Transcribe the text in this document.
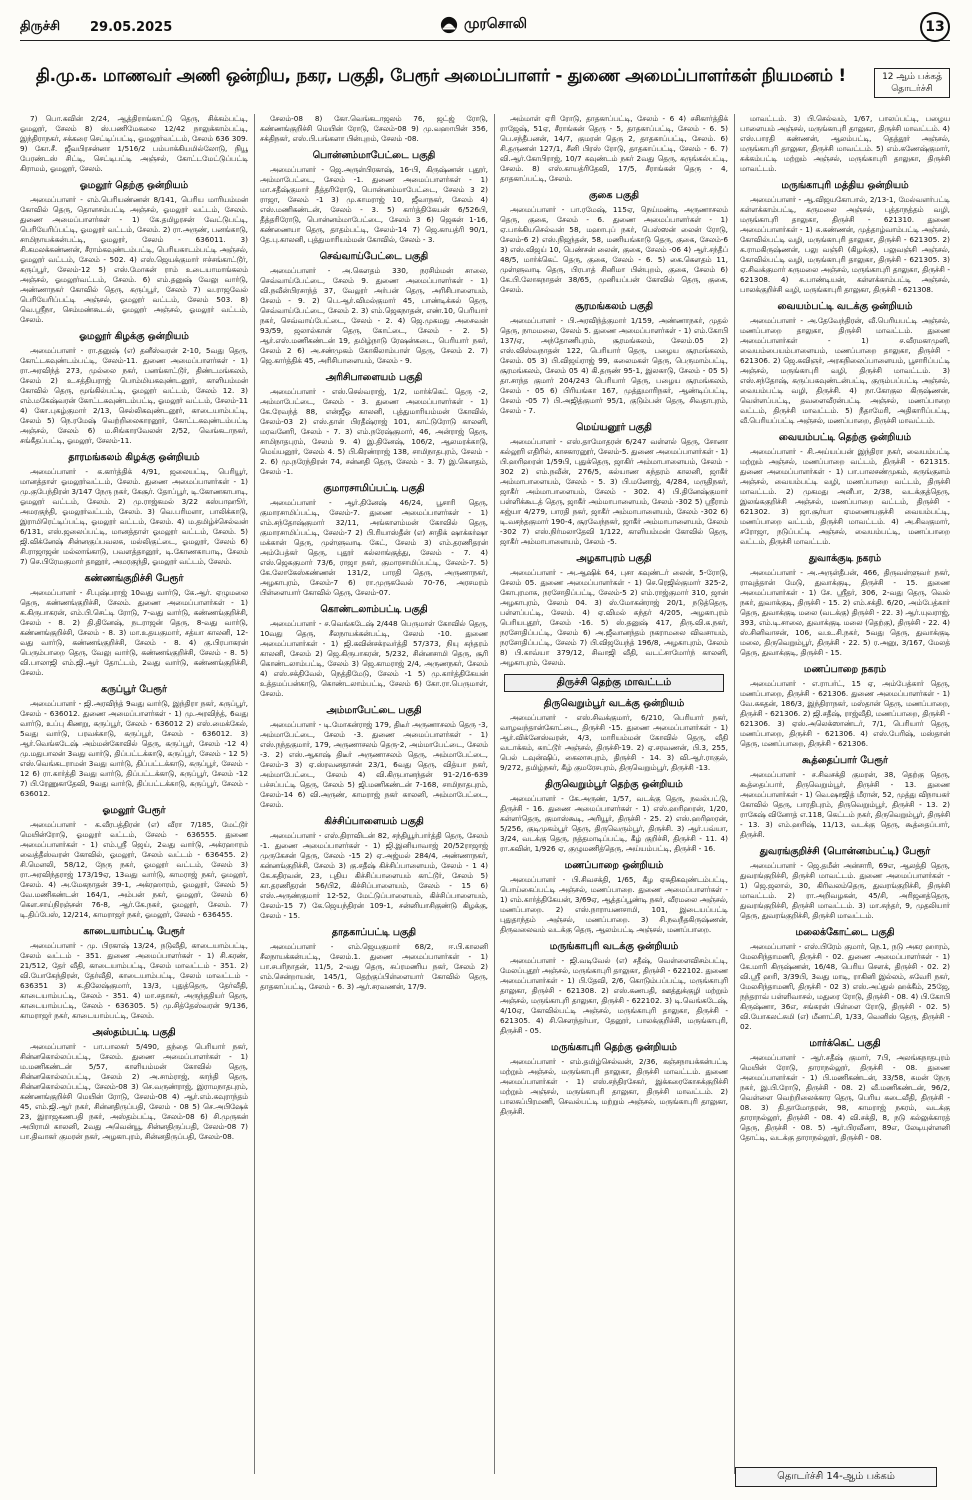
திருச்சி	29.05.2025	முரசொலி	13
தி.மு.க. மாணவர் அணி ஒன்றிய, நகர, பகுதி, பேரூர் அமைப்பாளர் - துணை அமைப்பாளர்கள் நியமனம் !	12 ஆம் பக்கத்
தொடர்ச்சி
7) பொ.கவின் 2/24, ஆத்திராங்காட்டு தெரு, சிக்கம்பட்டி, ஓமலூர், சேலம் 8) ஸ்.பணிமேகலை 12/42 நாலுக்காம்பட்டி, இந்திராநகர், சக்கரை செட்டிப்பட்டி, ஓமலூர்வட்டம், சேலம் 636 309. 9) கோ.சீ. ஜீவபிரசன்னா 1/516/2 பம்பாக்கியமில்லோடு, நியூ பேரண்டஸ் சிட்டி, செட்டிபட்டி அஞ்சல், கோட்டமேட்டுப்பட்டி கிராமம், ஓமலூர், சேலம்.
ஓமலூர் தெற்கு ஒன்றியம்
அமைப்பாளர் - எம்.பெரியண்ணன் 8/141, பெரிய மாரியம்மன் கோவில் தெரு, தொளசம்பட்டி அஞ்சல், ஓமலூர் வட்டம், சேலம். துணை அமைப்பாளர்கள் - 1) கே.தமிழரசன் வேட்டுபட்டி, பெரியேரிப்பட்டி, ஓமலூர் வட்டம், சேலம். 2) ரா.அருண், பனங்காடு, சாமிநாயக்கன்பட்டி, ஓமலூர், சேலம் - 636011. 3) சி.கமலக்கண்ணன், சீராம்கவுண்டம்பட்டி, பெரியகாடம்பட்டி அஞ்சல், ஓமலூர் வட்டம், சேலம் - 502. 4) எஸ்.ஜெயக்குமார் ஈச்சங்காட்டூர், கருப்பூர், சேலம்-12 5) எஸ்.மோகன் ராம் உடையாமாங்கலம் அஞ்சல், ஓமலூர்வட்டம், சேலம். 6) எம்.தனுஷ் வேலு வார்டு, அண்ணாநகர் கோவில் தெரு, கருப்பூர், சேலம் 7) வ.ராஜவேல் பெரியேரிப்பட்டி அஞ்சல், ஓமலூர் வட்டம், சேலம் 503. 8) வெ.ஸ்ரீநா, செம்மண்கூடல், ஓமலூர் அஞ்சல், ஓமலூர் வட்டம், சேலம்.
ஓமலூர் கிழக்கு ஒன்றியம்
அமைப்பாளர் - ரா.தனுஷ் (எ) தனீஸ்வரன் 2-10, 5வது தெரு, கோட்டகவுண்டம்பட்டி, சேலம்-11. துணை அமைப்பாளர்கள் - 1) ரா.அரவிந்த் 273, முல்லை நகர், பனங்காட்டூர், திண்டமங்கலம், சேலம் 2) உ.சத்தியராஜ் பொம்மியகவுண்டனூர், காளியம்மன் கோவில் தெரு, மூங்கில்பட்டி, ஓமலூர் வட்டம், சேலம் 12. 3) எம்.மகேஷ்வரன் கோட்டகவுண்டம்பட்டி, ஓமலூர் வட்டம், சேலம்-11 4) கோ.புகழ்குமார் 2/13, செல்லிகவுண்டனூர், காடையாம்பட்டி, சேலம் 5) நெ.ரமேஷ் வெற்றிலைகாரனூர், கோட்டகவுண்டம்பட்டி அஞ்சல், சேலம் 6) ம.சிங்காரவேலன் 2/52, வெங்கடாநகர், சங்கீதப்பட்டி, ஓமலூர், சேலம்-11.
தாரமங்கலம் கிழக்கு ஒன்றியம்
அமைப்பாளர் - க.கார்த்திக் 4/91, ஜலையட்டி, பெரியூர், மானத்தாள் ஓமலூர்வட்டம், சேலம். துணை அமைப்பாளர்கள் - 1) மு.குபேந்திரன் 3/147 நேரு நகர், கேசூர். தோப்பூர், டி.கோணகாபாடி, ஓமலூர் வட்டம், சேலம். 2) மு.ராஜ்கமல் 3/22 கஸ்பாஹூர், அமரகுந்தி, ஓமலூர்வட்டம், சேலம். 3) வெ.பரிமளா, பாலிக்காடு, இராமிரெட்டிப்பட்டி, ஓமலூர் வட்டம், சேலம். 4) ம.தமிழ்ச்செல்வன் 6/131, எஸ்.ஜலைப்பட்டி, மானத்தாள் ஓமலூர் வட்டம், சேலம். 5) ஜி.விக்னேஷ் சின்னகுப்பவலசு, மல்லிகுட்டை, ஓமலூர், சேலம் 6) சி.ராஜாஜன் மல்லாங்காடு, பவளத்தானூர், டி.கோணகாபாடி, சேலம் 7) செ.பிரேமகுமார் தானூர், அமரகுந்தி, ஓமலூர் வட்டம், சேலம்.
கண்ணங்குறிச்சி பேரூர்
அமைப்பாளர் - சி.புஷ்பராஜ் 10வது வார்டு, கே.ஆர். ஏழுமலை தெரு, கண்ணங்குறிச்சி, சேலம். துணை அமைப்பாளர்கள் - 1) க.கிருபாகரன், எம்.பி.செட்டி ரோடு, 7-வது வார்டு, கண்ணங்குறிச்சி, சேலம் - 8. 2) தி.தினேஷ், நடராஜன் தெரு, 8-வது வார்டு, கண்ணங்குறிச்சி, சேலம் - 8. 3) மா.உதயகுமார், சத்யா காலனி, 12-வது வார்டு, கண்ணங்குறிச்சி, சேலம் - 8. 4) கு.பிரபாகரன் பெரும்பாறை தெரு, வேலு வார்டு, கண்ணங்குறிச்சி, சேலம் - 8. 5) வி.பாலாஜி எம்.ஜி.ஆர் தோட்டம், 2வது வார்டு, கண்ணங்குறிச்சி, சேலம்.
கருப்பூர் பேரூர்
அமைப்பாளர் - ஜி.அரவிந்த் 9வது வார்டு, இந்திரா நகர், கருப்பூர், சேலம் - 636012. துணை அமைப்பாளர்கள் - 1) மு.அரவிந்த், 6வது வார்டு, உப்பு கிணறு, கருப்பூர், சேலம் - 636012 2) எஸ்.மைக்கேல், 5வது வார்டு, பரவக்காடு, கருப்பூர், சேலம் - 636012. 3) ஆர்.வெங்கடேஷ் அம்மன்கோவில் தெரு, கருப்பூர், சேலம் -12 4) மு.மதுபாலன் 3வது வார்டு, திப்பட்டக்காடு, கருப்பூர், சேலம் - 12 5) எஸ்.வெங்கடராமன் 3வது வார்டு, திப்பட்டக்காடு, கருப்பூர், சேலம் - 12 6) ரா.கார்த்தி 3வது வார்டு, திப்பட்டக்காடு, கருப்பூர், சேலம் -12 7) பி.ரேணுகாதேவி, 9வது வார்டு, திப்பட்டக்காடு, கருப்பூர், சேலம் - 636012.
ஓமலூர் பேரூர்
அமைப்பாளர் - க.வீரபத்திரன் (எ) வீரா 7/185, மேட்டூர் மெயின்ரோடு, ஓமலூர் வட்டம், சேலம் - 636555. துணை அமைப்பாளர்கள் - 1) எம்.ஸ்ரீ ஜெய், 2வது வார்டு, அக்ரஹாரம் வைத்தீஸ்வரன் கோவில், ஓமலூர், சேலம் வட்டம் - 636455. 2) சி.மெளலி, 58/12, நேரு நகர், ஓமலூர் வட்டம், சேலம் 3) ரா.அரவிந்தராஜ் 173/19ஏ, 13வது வார்டு, காமராஜ் நகர், ஓமலூர், சேலம். 4) அ.மேகநாதன் 39-1, அக்ரஹாரம், ஓமலூர், சேலம் 5) வே.மணிகண்டன் 164/1, அம்பன் நகர், ஓமலூர், சேலம் 6) கௌ.சாய்நிரஞ்சன் 76-8, ஆர்.கே.நகர், ஓமலூர், சேலம். 7) டி.திப்பேஸ், 12/214, காமராஜர் நகர், ஓமலூர், சேலம் - 636455.
காடையாம்பட்டி பேரூர்
அமைப்பாளர் - மு. பிரகாஷ் 13/24, நடுவீதி, காடையாம்பட்டி, சேலம் வட்டம் - 351. துணை அமைப்பாளர்கள் - 1) சி.கரண், 21/512, தேர் வீதி, காடையாம்பட்டி, சேலம் மாவட்டம் - 351. 2) வி.யோகேந்திரன், தேர்வீதி, காடையாம்பட்டி, சேலம் மாவட்டம் - 636351 3) சு.திலேஷ்குமார், 13/3, புதுத்தெரு, தேர்வீதி, காடையாம்பட்டி, சேலம் - 351. 4) மா.சதாகர், அருந்ததியர் தெரு, காடையாம்பட்டி, சேலம் - 636305. 5) மு.சித்தேஸ்வரன் 9/136, காமராஜர் நகர், காடையாம்பட்டி, சேலம்.
அஸ்தம்பட்டி பகுதி
அமைப்பாளர் - பா.பாலகர் 5/490, தந்தை பெரியார் நகர், சின்னகொல்லப்பட்டி, சேலம். துணை அமைப்பாளர்கள் - 1) ம.மணிகண்டன் 5/57, காளியம்மன் கோவில் தெரு, சின்னகொல்லப்பட்டி, சேலம் 2) அ.சாம்ராஜ், காந்தி தெரு, சின்னகொல்லப்பட்டி, சேலம்-08 3) செ.வருண்ராஜ், இராமநாதபுரம், கண்ணங்குறிச்சி மெயின் ரோடு, சேலம்-08 4) ஆர்.எம்.கவுராந்தம் 45, எம்.ஜி.ஆர் நகர், சின்னதிருப்பதி, சேலம் - 08 5) செ.அபிஷேக் 23, இராஜகணபதி நகர், அஸ்தம்பட்டி, சேலம்-08 6) சி.முருகன் அபிராமி காலனி, 2வது அவென்யூ, சின்னதிருப்பதி, சேலம்-08 7) பா.திவாகர் குமரன் நகர், அழகாபுரம், சின்னதிருப்பதி, சேலம்-08.
சேலம்-08 8) கோ.வெங்கடாஜலம் 76, ஜட்ஜ் ரோடு, கண்ணங்குறிச்சி மெயின் ரோடு, சேலம்-08 9) மு.வஹாபின் 356, சக்திநகர், எஸ்.பி.பங்களா பின்புறம், சேலம் -08.
பொன்னம்மாபேட்டை பகுதி
அமைப்பாளர் - ஜெ.அருள்பிரகாஷ், 16-பி, கிருஷ்ணன் புதூர், அம்மாபேட்டை, சேலம் -1. துணை அமைப்பாளர்கள் - 1) மா.சதீஷ்குமார் தீத்தரிரோடு, பொன்னம்மாபேட்டை, சேலம் 3 2) ராஜா, சேலம் -1 3) மு.காமராஜ் 10, ஜீவாநகர், சேலம் 4) எஸ்.மணிகண்டன், சேலம் - 3. 5) கார்த்திகேயன் 6/526பி, தீத்தரிரோடு, பொன்னம்மாபேட்டை, சேலம் 3 6) ஜெகன் 1-16, கண்ணையா தெரு, தாதம்பட்டி, சேலம்-14 7) ஜெ.காயத்ரி 90/1, தே.பு.காலனி, புத்துமாரியம்மன் கோவில், சேலம் - 3.
செவ்வாய்பேட்டை பகுதி
அமைப்பாளர் - அ.கௌதம் 330, நரசிம்மன் சாலை, செவ்வாய்பேட்டை, சேலம் 9. துணை அமைப்பாளர்கள் - 1) வி.நவீன்பிரசாந்த் 37, வேலூர் அர்பன் தெரு, அரிசிபாளையம், சேலம் - 9. 2) பெ.ஆர்.விமல்குமார் 45, பாண்டிக்கல் தெரு, செவ்வாய்பேட்டை, சேலம் 2. 3) எம்.ஜெகநாதன், எண்.10, பெரியார் நகர், செவ்வாய்பேட்டை, சேலம் - 2. 4) ஜெ.முகமது அசைவன் 93/59, ஜலால்கான் தெரு, கோட்டை, சேலம் - 2. 5) ஆர்.எஸ்.மணிகண்டன் 19, தமிழ்நாடு ரேஷன்கடை, பெரியார் நகர், சேலம் 2 6) அ.சண்முகம் கோகிலாம்பாள் தெரு, சேலம் 2. 7) ஜெ.கார்த்திக் 45, அரிசிபாளையம், சேலம் - 9.
அரிசிபாளையம் பகுதி
அமைப்பாளர் - எஸ்.செல்வராஜ், 1/2, மார்க்கெட் தெரு -2, அம்மாபேட்டை, சேலம் - 3. துணை அமைப்பாளர்கள் - 1) கே.ரேவந்த் 88, என்ஜீஓ காலனி, புத்துமாரியம்மன் கோவில், சேலம்-03 2) எஸ்.தாள் பிரதீஷ்ராஜ் 101, காட்டுரோடு காலனி, மரவனேரி, சேலம் - 7. 3) எம்.நரேஷ்குமார், 46, அன்ராஜ் தெரு, சாமிநாதபுரம், சேலம் 9. 4) இ.தினேஷ், 106/2, ஆலமரக்காடு, மெய்யனூர், சேலம் 4. 5) பி.கிரண்ராஜ் 138, சாமிநாதபுரம், சேலம் - 2. 6) மு.நரேந்திரன் 74, சன்னதி தெரு, சேலம் - 3. 7) இ.கௌதம், சேலம் -1.
குமாரசாமிப்பட்டி பகுதி
அமைப்பாளர் - ஆர்.தினேஷ் 46/24, பூசாரி தெரு, குமாரசாமிப்பட்டி, சேலம்-7. துணை அமைப்பாளர்கள் - 1) எம்.சந்தோஷ்குமார் 32/11, அங்காளம்மன் கோவில் தெரு, குமாரசாமிப்பட்டி, சேலம்-7 2) பி.ரியாஸ்தீன் (எ) சாதிக் ஷாக்கர்ஷா மக்கான் தெரு, முள்ளுவாடி கேட், சேலம் 3) எம்.தரணிதரன் அம்பேத்கர் தெரு, புதூர் கல்லாங்குத்து, சேலம் - 7. 4) எஸ்.ஜெசுகுமார் 73/6, ராஜா நகர், குமாரசாமிப்பட்டி, சேலம்-7. 5) கே.லோகேஸ்கண்ணன் 131/2, பாரதி தெரு, அருணாநகர், அழகாபுரம், சேலம்-7 6) ரா.முருகவேல் 70-76, அரசமரம் பிள்ளையார் கோவில் தெரு, சேலம்-07.
கொண்டலாம்பட்டி பகுதி
அமைப்பாளர் - ச.வெங்கடேஷ் 2/448 பெருமாள் கோவில் தெரு, 10வது தெரு, சீலநாயக்கன்பட்டி, சேலம் -10. துணை அமைப்பாளர்கள் - 1) ஜி.கவின்சக்ரவர்த்தி 57/373, நியு சுந்தரம் காலனி, சேலம் 2) ஜெ.கிருபாகரன், 5/232, சின்னசாமி தெரு, சூரி கொண்டலாம்பட்டி, சேலம் 3) ஜெ.காமராஜ் 2/4, அருணநகர், சேலம் 4) எஸ்.சக்திவேல், நெத்திமேடு, சேலம் -1 5) மு.கார்த்திகேயன் உத்தமப்பன்காடு, கொண்டலாம்பட்டி, சேலம் 6) கோ.ரா.பெருமாள், சேலம்.
அம்மாபேட்டை பகுதி
அமைப்பாளர் - டி.மோகன்ராஜ் 179, திடீர் அருணாசலம் தெரு -3, அம்மாபேட்டை, சேலம் -3. துணை அமைப்பாளர்கள் - 1) எஸ்.நந்தகுமார், 179, அருணாசலம் தெரு-2, அம்மாபேட்டை, சேலம் -3. 2) எஸ்.ஆகாஷ் திடீர் அருணாசலம் தெரு, அம்மாபேட்டை, சேலம்-3 3) ஏ.ஸ்ரவனதாசன் 23/1, 6வது தெரு, வித்யா நகர், அம்மாபேட்டை, சேலம் 4) வி.கிருபானந்தன் 91-2/16-639 பச்சப்பட்டி தெரு, சேலம் 5) ஜி.மணிகண்டன் 7-168, சாமிநாதபுரம், சேலம்-14 6) வி.அருண், காமராஜ் நகர் காலனி, அம்மாபேட்டை, சேலம்.
கிச்சிப்பாளையம் பகுதி
அமைப்பாளர் - எஸ்.திராவிடன் 82, சந்தியூர்பார்த்தி தெரு, சேலம் -1. துணை அமைப்பாளர்கள் - 1) ஜி.இனியாவாஜ் 20/52ராஜாஜ் முருகேசன் தெரு, சேலம் -15 2) ஏ.அஜ்மல் 284/4, அண்ணாநகர், கன்னங்குறிச்சி, சேலம் 3) கு.சதீஷ் கிச்சிப்பாளையம், சேலம் - 1 4) கே.கதிரவன், 23, புதிய கிச்சிப்பாளையம் காட்டூர், சேலம் 5) கா.தரணிதரன் 56/பி2, கிச்சிப்பாளையம், சேலம் - 15 6) எஸ்.அருண்குமார் 12-52, மேட்டுப்பாளையம், கிச்சிப்பாளையம், சேலம்-15 7) கே.ஜெயந்திரன் 109-1, சன்னியாசிகுண்டு கிழக்கு, சேலம் - 15.
தாதகாப்பட்டி பகுதி
அமைப்பாளர் - எம்.ஜெயகுமார் 68/2, ஈ.பி.காலனி சீலநாயக்கன்பட்டி, சேலம்.1. துணை அமைப்பாளர்கள் - 1) பா.சபரிநாதன், 11/5, 2-வது தெரு, சுப்ரமணிய நகர், சேலம் 2) எம்.சென்றாயன், 145/1, தெற்குப்பிள்ளையார் கோவில் தெரு, தாதகாப்பட்டி, சேலம் - 6. 3) ஆர்.சரவணன், 17/9.
அம்மாள் ஏரி ரோடு, தாதகாப்பட்டி, சேலம் - 6 4) சசிகார்த்திக் ராஜேஷ், 51ஏ, சீராங்கன் தெரு - 5, தாதகாப்பட்டி, சேலம் - 6. 5) பெ.சந்தீபனன், 14/7, குமரன் தெரு 2, தாதகாப்பட்டி, சேலம். 6) சி.தருணன் 127/1, சீனி பிரஸ் ரோடு, தாதகாப்பட்டி, சேலம் - 6. 7) வி.ஆர்.கோபிராஜ், 10/7 கவுண்டம் நகர் 2வது தெரு, கருங்கல்பட்டி, சேலம். 8) எஸ்.காயத்ரிதேவி, 17/5, சீராங்கன் தெரு - 4, தாதகாப்பட்டி, சேலம்.
குகை பகுதி
அமைப்பாளர் - பா.ரமேஷ், 115ஏ, நெய்மண்டி அருணாசலம் தெரு, குகை, சேலம் - 6. துணை அமைப்பாளர்கள் - 1) ஏ.பாக்கியசெல்வன் 58, மஹாபுப் நகர், பெஸ்ஸன் லைன் ரோடு, சேலம்-6 2) எஸ்.நிஜந்தன், 58, மணியங்காடு தெரு, குகை, சேலம்-6 3) எஸ்.விஜய் 10, பெண்சன் லைன், குகை, சேலம் -06 4) ஆர்.சந்தீப் 48/5, மார்க்கெட் தெரு, குகை, சேலம் - 6. 5) கை.கௌதம் 11, முள்ளுவாடி தெரு, பிரபாத் சினிமா பின்புறம், குகை, சேலம் 6) கே.பி.லோகநாதன் 38/65, முனியப்பன் கோவில் தெரு, குகை, சேலம்.
சூரமங்கலம் பகுதி
அமைப்பாளர் - பி.அரவிந்த்குமார் 1/159, அண்ணாநகர், முதல் தெரு, நாமமலை, சேலம் 5. துணை அமைப்பாளர்கள் - 1) எம்.கோபி 137/ஏ, அந்தோணிபுரம், சூரமங்கலம், சேலம்.05 2) எஸ்.விஸ்வநாதன் 122, பெரியார் தெரு, பழைய சூரமங்கலம், சேலம். 05 3) பி.விஜய்ராஜ் 99, கலைமகள் தெரு, பெருமாம்பட்டி, சூரமங்கலம், சேலம் 05 4) கி.தருண் 95-1, இலகாடு, சேலம் - 05 5) தா.சாந்த குமார் 204/243 பெரியார் தெரு, பழைய சூரமங்கலம், சேலம் - 05 6) பிரியங்கா 167, முத்துமாரிநகர், ஆண்டிப்பட்டி, சேலம் -05 7) பி.அஜித்குமார் 95/1, குடும்பன் தெரு, சிவதாபுரம், சேலம் - 7.
மெய்யனூர் பகுதி
அமைப்பாளர் - எஸ்.தாமோதரன் 6/247 வள்ளல் தெரு, சோனா கல்லூரி எதிரில், காசகாரனூர், சேலம்-5. துணை அமைப்பாளர்கள் - 1) பி.ஹரிஹரன் 1/59பி, புதுக்தெரு, ஜாகிர் அம்மாபாளையம், சேலம் - 302 2) எம்.நவீன், 276/5, கல்யாண சுந்தரம் காலனி, ஜாகீர் அம்மாபாளையம், சேலம் - 5. 3) பி.மனோஜ், 4/284, மருதிநகர், ஜாகீர் அம்மாபாளையம், சேலம் - 302. 4) பி.தினேஷ்குமார் பள்ளிக்கூடத் தெரு, ஜாகீர் அம்மாபாளையம், சேலம் -302 5) ஸ்ரீராம் சுஜ்யா 4/279, பாரதி நகர், ஜாகீர் அம்மாபாளையம், சேலம் -302 6) டி.வசந்தகுமார் 190-4, சூரவேந்நகர், ஜாகீர் அம்மாபாளையம், சேலம் -302 7) எஸ்.நிர்மலாதேவி 1/122, காளியம்மன் கோவில் தெரு, ஜாகீர் அம்மாபாளையம், சேலம் -5.
அழகாபுரம் பகுதி
அமைப்பாளர் - அ.ஆஷிக் 64, புசா கவுண்டர் லைன், 5-ரோடு, சேலம் 05. துணை அமைப்பாளர்கள் - 1) செ.ரெஜில்குமார் 325-2, கோபுரமாசு, நரசோதிப்பட்டி, சேலம்-5 2) எம்.ராஜ்குமார் 310, ஜான் அழகாபுரம், சேலம் 04. 3) ஸ்.மோகன்ராஜ் 20/1, நடுத்தெரு, பள்ளப்பட்டி, சேலம். 4) ஏ.விமல் சுந்தர் 4/205, அழகாபுரம் பெரியபுதூர், சேலம் -16. 5) ஸ்.தனுஷ் 417, திரு.வி.க.நகர், நரசோதிப்பட்டி, சேலம் 6) அ.ஜீவானந்தம் நகராமலை விவசாயம், நரசோதிப்பட்டி, சேலம் 7) பி.விஜயேந்த் 196/8, அழகாபுரம், சேலம் 8) பி.காவ்யா 379/12, சிவாஜி வீதி, வடட்சாமோர்ந் காலனி, அழகாபுரம், சேலம்.
திருச்சி தெற்கு மாவட்டம்
திருவெறும்பூர் வடக்கு ஒன்றியம்
அமைப்பாளர் - எஸ்.சிவக்குமார், 6/210, பெரியார் நகர், வாழவந்தான்கோட்டை, திருச்சி -15. துணை அமைப்பாளர்கள் - 1) ஆர்.விக்னேஸ்வரன், 4/3, மாரியம்மன் கோவில் தெரு, வீதி வடாக்கம், காட்டூர் அஞ்சல், திருச்சி-19. 2) ஏ.சரவணன், பி.3, 255, பெல் டவுன்ஷிப், கைலாசபுரம், திருச்சி - 14. 3) வி.ஆர்.ராகுல், 9/272, தமிழ்நகர், கீழ் குமரேசபுரம், திருவெறும்பூர், திருச்சி -13.
திருவெறும்பூர் தெற்கு ஒன்றியம்
அமைப்பாளர் - கே.அருண், 1/57, வடக்கு தெரு, நவல்பட்டு, திருச்சி - 16. துணை அமைப்பாளர்கள் - 1) எஸ்.ஹரிஹரன், 1/20, கள்ளர்தெரு, குமாஸ்கூடி, அரியூர், திருச்சி - 25. 2) எஸ்.ஹரிஹரன், 5/256, குடிமுகம்பூர் தெரு, திருவெரும்பூர், திருச்சி. 3) ஆர்.பவ்யா, 3/24, வடக்கு தெரு, நத்தமாடிப்பட்டி, கீழ் குறிச்சி, திருச்சி - 11. 4) ரா.கவின், 1/926 ஏ, குழுமணித்தெரு, அய்யம்பட்டி, திருச்சி - 16.
மணப்பாறை ஒன்றியம்
அமைப்பாளர் - பி.சிவசக்தி, 1/65, கீழ ஏகதிகவுண்டம்பட்டி, பொய்கைப்பட்டி அஞ்சல், மணப்பாறை. துணை அமைப்பாளர்கள் - 1) எம்.கார்த்திகேயன், 3/69ஏ, ஆத்தப்பூண்டி நகர், வீரமலை அஞ்சல், மணப்பாறை. 2) எஸ்.நாராயணசாமி, 101, இடையப்பட்டி புதுதாந்தம் அஞ்சல், மணப்பாறை. 3) சி.நவநீதகிருஷ்ணன், திருவலைவம் வடக்கு தெரு, ஆலம்பட்டி அஞ்சல், மணப்பாறை.
மருங்காபுரி வடக்கு ஒன்றியம்
அமைப்பாளர் - ஜி.வடிவேல் (எ) சதீஷ், வெள்ளைவிசம்பட்டி, மேலப்புதூர் அஞ்சல், மருங்காபுரி தாலுகா, திருச்சி - 622102. துணை அமைப்பாளர்கள் - 1) பி.தேவி, 2/6, கொடும்பப்பட்டி, மருங்காபுரி தாலுகா, திருச்சி - 621308. 2) எஸ்.கணபதி, ஊத்துக்குழி மற்றும் அஞ்சல், மருங்காபுரி தாலுகா, திருச்சி - 622102. 3) டி.வெங்கடேஷ், 4/10ஏ, கோவில்பட்டி அஞ்சல், மருங்காபுரி தாலுகா, திருச்சி - 621305. 4) சி.சௌந்தர்யா, தேனூர், பாலக்குறிச்சி, மருங்காபுரி, திருச்சி - 05.
மருங்காபுரி தெற்கு ஒன்றியம்
அமைப்பாளர் - எம்.தமிழ்செல்வன், 2/36, கஞ்சநாயக்கன்பட்டி மற்றும் அஞ்சல், மருங்காபுரி தாலுகா, திருச்சி மாவட்டம். துணை அமைப்பாளர்கள் - 1) எஸ்.சந்திரசேகர், இக்கரைகோசுக்குறிச்சி மற்றும் அஞ்சல், மருங்காபுரி தாலுகா, திருச்சி மாவட்டம். 2) பாலசுப்பிரமணி, செவல்பட்டி மற்றும் அஞ்சல், மருங்காபுரி தாலுகா, திருச்சி.
மாவட்டம். 3) பி.செல்வம், 1/67, பாலப்பட்டி, பழைய பாளையம் அஞ்சல், மருங்காபுரி தாலுகா, திருச்சி மாவட்டம். 4) எஸ்.பாரதி கண்ணன், ஆலம்பட்டி, தெத்தூர் அஞ்சல், மருங்காபுரி தாலுகா, திருச்சி மாவட்டம். 5) எம்.கணேஷ்குமார், சுக்கம்பட்டி மற்றும் அஞ்சல், மருங்காபுரி தாலுகா, திருச்சி மாவட்டம்.
மருங்காபுரி மத்திய ஒன்றியம்
அமைப்பாளர் - ஆ.விஜயகோபால், 2/13-1, மேல்வளர்பட்டி கள்ளக்காம்பட்டி, கருமலை அஞ்சல், புத்தாநத்தம் வழி, மருங்காபுரி தாலுகா, திருச்சி - 621310. துணை அமைப்பாளர்கள் - 1) சு.கண்ணன், முத்தாழ்வாம்பட்டி அஞ்சல், கோவில்பட்டி வழி, மருங்காபுரி தாலுகா, திருச்சி - 621305. 2) க.ராமகிருஷ்ணன், பலு வஞ்சி (கிழக்கு), பலுவஞ்சி அஞ்சல், கோவில்பட்டி வழி, மருங்காபுரி தாலுகா, திருச்சி - 621305. 3) ஏ.சிவக்குமார் கருமலை அஞ்சல், மருங்காபுரி தாலுகா, திருச்சி - 621308. 4) சு.பாண்டியன், கள்ளக்காம்பட்டி அஞ்சல், பாலக்குறிச்சி வழி, மருங்காபுரி தாலுகா, திருச்சி - 621308.
வையம்பட்டி வடக்கு ஒன்றியம்
அமைப்பாளர் - அ.தேவேந்திரன், வீ.பெரியபட்டி அஞ்சல், மணப்பாறை தாலுகா, திருச்சி மாவட்டம். துணை அமைப்பாளர்கள் - 1) ச.வீரமகாமுனி, வையம்பையம்பாளையம், மணப்பாறை தாலுகா, திருச்சி - 621306. 2) ஜெ.கவிஞர், அரசுநிலைப்பாளையம், பூசாரிப்பட்டி அஞ்சல், மருங்காபுரி வழி, திருச்சி மாவட்டம். 3) எஸ்.சந்தோஷ், கருப்பகவுண்டன்பட்டி, குரும்பப்பட்டி அஞ்சல், வையம்பட்டி வழி, திருச்சி. 4) நா.கோகுல கிருஷ்ணன், வெள்ளப்பட்டி, தவளைவீரன்பட்டி அஞ்சல், மணப்பாறை வட்டம், திருச்சி மாவட்டம். 5) நீதாமேரி, அதிகாரிப்பட்டி, வீ.பெரியப்பட்டி அஞ்சல், மணப்பாறை, திருச்சி மாவட்டம்.
வையம்பட்டி தெற்கு ஒன்றியம்
அமைப்பாளர் - சி.அய்யப்பன் இந்திரா நகர், வையம்பட்டி மற்றும் அஞ்சல், மணப்பாறை வட்டம், திருச்சி - 621315. துணை அமைப்பாளர்கள் - 1) பா.பாலசண்முகம், கருங்குளம் அஞ்சல், வையம்பட்டி வழி, மணப்பாறை வட்டம், திருச்சி மாவட்டம். 2) முகமது அனீபா, 2/38, வடக்குத்தெரு, இலங்ககுறிச்சி அஞ்சல், மணப்பாறை வட்டம், திருச்சி - 621302. 3) ஜா.சூர்யா ஏமணையகுச்சி வையம்பட்டி, மணப்பாறை வட்டம், திருச்சி மாவட்டம். 4) அ.சிவகுமார், சரோஜா, நடுப்பட்டி அஞ்சல், வையம்பட்டி, மணப்பாறை வட்டம், திருச்சி மாவட்டம்.
துவாக்குடி நகரம்
அமைப்பாளர் - அ.அருள்தீபன், 466, திருவள்ளுவர் நகர், ராவுத்தான் மேடு, துவாக்குடி, திருச்சி - 15. துணை அமைப்பாளர்கள் - 1) சே. ஸ்ரீதர், 306, 2-வது தெரு, வெல் நகர், துவாக்குடி, திருச்சி - 15. 2) எம்.சக்தி. 6/20, அம்பேத்கார் தெரு, துவாக்குடி மலை (வடக்கு) திருச்சி - 22. 3) ஆர்.யுவராஜ், 393, எம்.டி.சாலை, துவாக்குடி மலை (தெற்கு), திருச்சி - 22. 4) ஸ்.சினிவாசன், 106, வ.உ.சி.நகர், 5வது தெரு, துவாக்குடி மலை, திருவெறும்பூர், திருச்சி - 22. 5) ர.அனு, 3/167, மேலத் தெரு, துவாக்குடி, திருச்சி - 15.
மணப்பாறை நகரம்
அமைப்பாளர் - எ.ராபர்ட், 15 ஏ, அம்பேத்கார் தெரு, மணப்பாறை, திருச்சி - 621306. துணை அமைப்பாளர்கள் - 1) வே.சுகதன், 186/3, இந்திராநகர், மஸ்தான் தெரு, மணப்பாறை, திருச்சி - 621306. 2) ஜி.சதீஷ், ராஜ்வீதி, மணப்பாறை, திருச்சி - 621306. 3) ஏஸ்.அலெக்ஸாண்டர், 7/1, பெரியார் தெரு, மணப்பாறை, திருச்சி - 621306. 4) எஸ்.பேரிஷ், மஸ்தான் தெரு, மணப்பாறை, திருச்சி - 621306.
கூத்தைப்பார் பேரூர்
அமைப்பாளர் - ச.சிவசக்தி குமரன், 38, தெற்கு தெரு, கூத்தைப்பார், திருவெறும்பூர், திருச்சி - 13. துணை அமைப்பாளர்கள் - 1) வெ.ஷாஜித் மீரான், 52, முத்து விநாயகர் கோவில் தெரு, பாரதிபுரம், திருவெறும்பூர், திருச்சி - 13. 2) ராகேஷ் வினோத் எ.118, கெட்டம் நகர், திருவெறும்பூர், திருச்சி - 13. 3) எம்.ஹரிஷ், 11/13, வடக்கு தெரு, கூத்தைப்பார், திருச்சி.
துவரங்குறிச்சி (பொன்னம்பட்டி) பேரூர்
அமைப்பாளர் - ஜெ.தமீன் அன்சாரி, 69எ, ஆலத்தி தெரு, துவரங்குறிச்சி, திருச்சி மாவட்டம். துணை அமைப்பாளர்கள் - 1) ஜெ.ஜலால், 30, கிரிவலம்தெரு, துவரங்குறிச்சி, திருச்சி மாவட்டம். 2) ரா.அறிவழகன், 45/சி, அரிஜனத்தெரு, துவரங்குறிச்சி, திருச்சி மாவட்டம். 3) மா.சுந்தர், 9, முதலியார் தெரு, துவரங்குறிச்சி, திருச்சி மாவட்டம்.
மலைக்கோட்டை பகுதி
அமைப்பாளர் - எஸ்.பிரேம் குமார், நெ.1, நடு அகர ஹாரம், மேலசிந்தாமணி, திருச்சி - 02. துணை அமைப்பாளர்கள் - 1) கே.மாரி கிருஷ்ணன், 16/48, பெரிய சௌக், திருச்சி - 02. 2) வி.ஸ்ரீ ஹரி, 3/39பி, 3வது மாடி, ராகினி இல்லம், சுவேரி நகர், மேலசிந்தாமணி, திருச்சி - 02 3) எஸ்.அப்துல் ஹக்கீம், 25ஜே, நந்தராவ் பள்ளிவாசல், மதுரை ரோடு, திருச்சி - 08. 4) பி.கோபி கிருஷ்ணா, 36எ, சங்கரன் பிள்ளை ரோடு, திருச்சி - 02. 5) வி.யோகலட்சுமி (எ) மீனாட்சி, 1/33, வெனிஸ் தெரு, திருச்சி - 02.
மார்க்கெட் பகுதி
அமைப்பாளர் - ஆர்.சதீஷ் குமார், 7பி, அலங்கநாதபுரம் மெயின் ரோடு, தாராநல்லூர், திருச்சி - 08. துணை அமைப்பாளர்கள் - 1) பி.மணிகண்டன், 33/58, சுமன் நேரு நகர், இ.பி.ரோடு, திருச்சி - 08. 2) வீ.மணிகண்டன், 96/2, வெள்ளை வெற்றிலைக்கார தெரு, பெரிய கடைவீதி, திருச்சி - 08. 3) தி.தாமோதரன், 98, காமராஜ் நகரம், வடக்கு தாராநல்லூர், திருச்சி - 08. 4) வி.சக்தி, 8, நடு கல்லுக்காரத் தெரு, திருச்சி - 08. 5) ஆர்.பிரவீனா, 89எ, லேடியுள்ளனி தோட்டி, வடக்கு தாராநல்லூர், திருச்சி - 08.
தொடர்ச்சி 14-ஆம் பக்கம்
